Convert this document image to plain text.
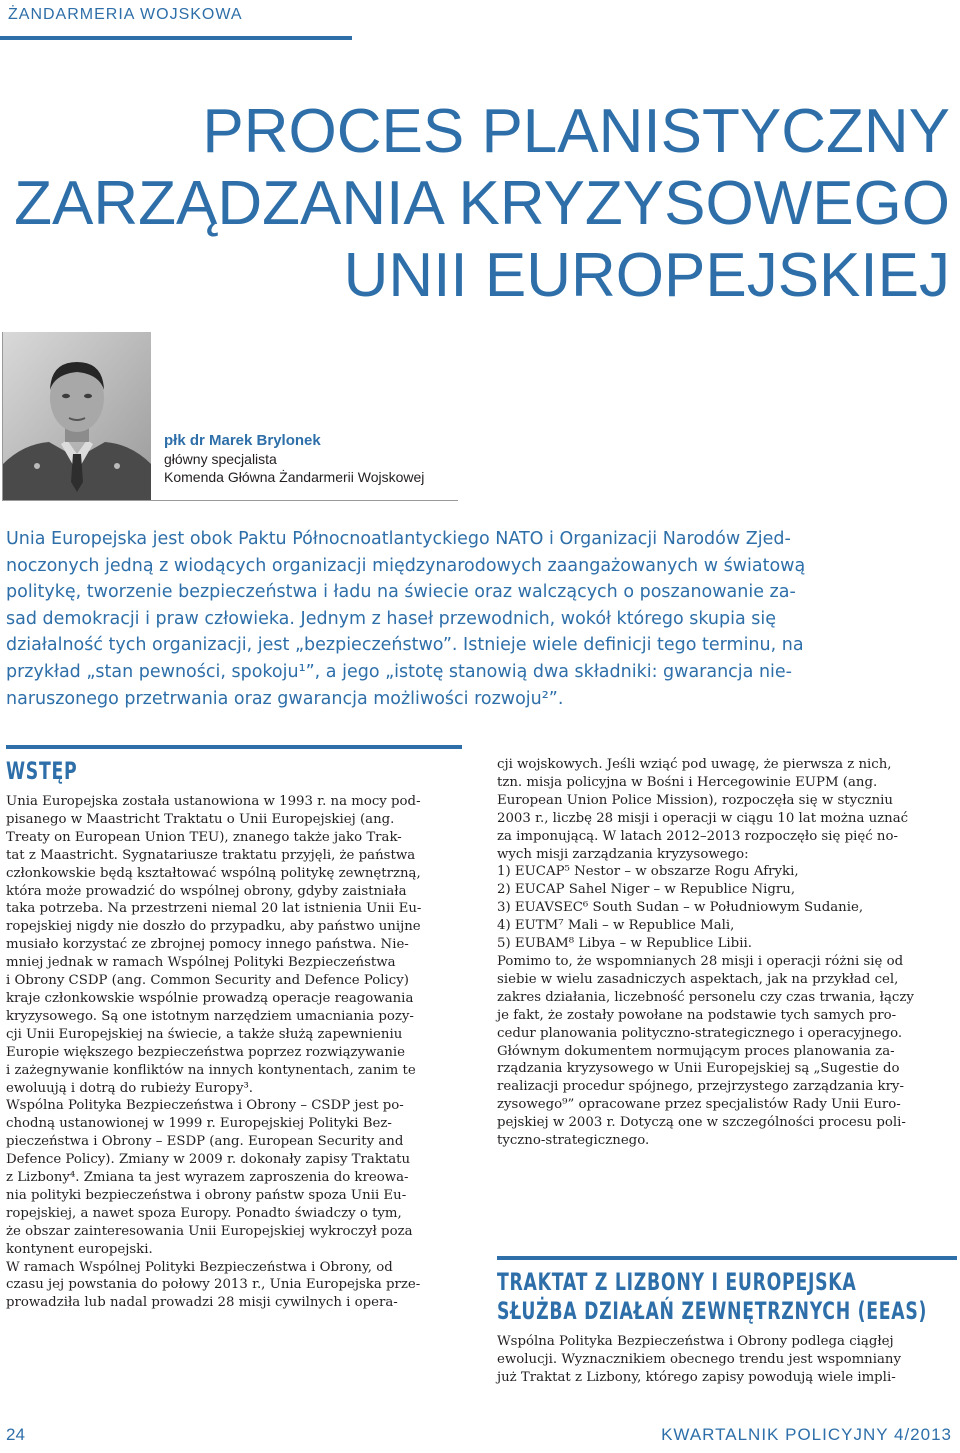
ŻANDARMERIA WOJSKOWA
PROCES PLANISTYCZNY
ZARZĄDZANIA KRYZYSOWEGO
UNII EUROPEJSKIEJ
płk dr Marek Brylonek
główny specjalista
Komenda Główna Żandarmerii Wojskowej
Unia Europejska jest obok Paktu Północnoatlantyckiego NATO i Organizacji Narodów Zjed-
noczonych jedną z wiodących organizacji międzynarodowych zaangażowanych w światową
politykę, tworzenie bezpieczeństwa i ładu na świecie oraz walczących o poszanowanie za-
sad demokracji i praw człowieka. Jednym z haseł przewodnich, wokół którego skupia się
działalność tych organizacji, jest „bezpieczeństwo”. Istnieje wiele definicji tego terminu, na
przykład „stan pewności, spokoju¹”, a jego „istotę stanowią dwa składniki: gwarancja nie-
naruszonego przetrwania oraz gwarancja możliwości rozwoju²”.
WSTĘP
Unia Europejska została ustanowiona w 1993 r. na mocy pod-
pisanego w Maastricht Traktatu o Unii Europejskiej (ang.
Treaty on European Union TEU), znanego także jako Trak-
tat z Maastricht. Sygnatariusze traktatu przyjęli, że państwa
członkowskie będą kształtować wspólną politykę zewnętrzną,
która może prowadzić do wspólnej obrony, gdyby zaistniała
taka potrzeba. Na przestrzeni niemal 20 lat istnienia Unii Eu-
ropejskiej nigdy nie doszło do przypadku, aby państwo unijne
musiało korzystać ze zbrojnej pomocy innego państwa. Nie-
mniej jednak w ramach Wspólnej Polityki Bezpieczeństwa
i Obrony CSDP (ang. Common Security and Defence Policy)
kraje członkowskie wspólnie prowadzą operacje reagowania
kryzysowego. Są one istotnym narzędziem umacniania pozy-
cji Unii Europejskiej na świecie, a także służą zapewnieniu
Europie większego bezpieczeństwa poprzez rozwiązywanie
i zażegnywanie konfliktów na innych kontynentach, zanim te
ewoluują i dotrą do rubieży Europy³.
Wspólna Polityka Bezpieczeństwa i Obrony – CSDP jest po-
chodną ustanowionej w 1999 r. Europejskiej Polityki Bez-
pieczeństwa i Obrony – ESDP (ang. European Security and
Defence Policy). Zmiany w 2009 r. dokonały zapisy Traktatu
z Lizbony⁴. Zmiana ta jest wyrazem zaproszenia do kreowa-
nia polityki bezpieczeństwa i obrony państw spoza Unii Eu-
ropejskiej, a nawet spoza Europy. Ponadto świadczy o tym,
że obszar zainteresowania Unii Europejskiej wykroczył poza
kontynent europejski.
W ramach Wspólnej Polityki Bezpieczeństwa i Obrony, od
czasu jej powstania do połowy 2013 r., Unia Europejska prze-
prowadziła lub nadal prowadzi 28 misji cywilnych i opera-
cji wojskowych. Jeśli wziąć pod uwagę, że pierwsza z nich,
tzn. misja policyjna w Bośni i Hercegowinie EUPM (ang.
European Union Police Mission), rozpoczęła się w styczniu
2003 r., liczbę 28 misji i operacji w ciągu 10 lat można uznać
za imponującą. W latach 2012–2013 rozpoczęło się pięć no-
wych misji zarządzania kryzysowego:
1) EUCAP⁵ Nestor – w obszarze Rogu Afryki,
2) EUCAP Sahel Niger – w Republice Nigru,
3) EUAVSEC⁶ South Sudan – w Południowym Sudanie,
4) EUTM⁷ Mali – w Republice Mali,
5) EUBAM⁸ Libya – w Republice Libii.
Pomimo to, że wspomnianych 28 misji i operacji różni się od
siebie w wielu zasadniczych aspektach, jak na przykład cel,
zakres działania, liczebność personelu czy czas trwania, łączy
je fakt, że zostały powołane na podstawie tych samych pro-
cedur planowania polityczno-strategicznego i operacyjnego.
Głównym dokumentem normującym proces planowania za-
rządzania kryzysowego w Unii Europejskiej są „Sugestie do
realizacji procedur spójnego, przejrzystego zarządzania kry-
zysowego⁹” opracowane przez specjalistów Rady Unii Euro-
pejskiej w 2003 r. Dotyczą one w szczególności procesu poli-
tyczno-strategicznego.
TRAKTAT Z LIZBONY I EUROPEJSKA
SŁUŻBA DZIAŁAŃ ZEWNĘTRZNYCH (EEAS)
Wspólna Polityka Bezpieczeństwa i Obrony podlega ciągłej
ewolucji. Wyznacznikiem obecnego trendu jest wspomniany
już Traktat z Lizbony, którego zapisy powodują wiele impli-
24	KWARTALNIK POLICYJNY 4/2013
